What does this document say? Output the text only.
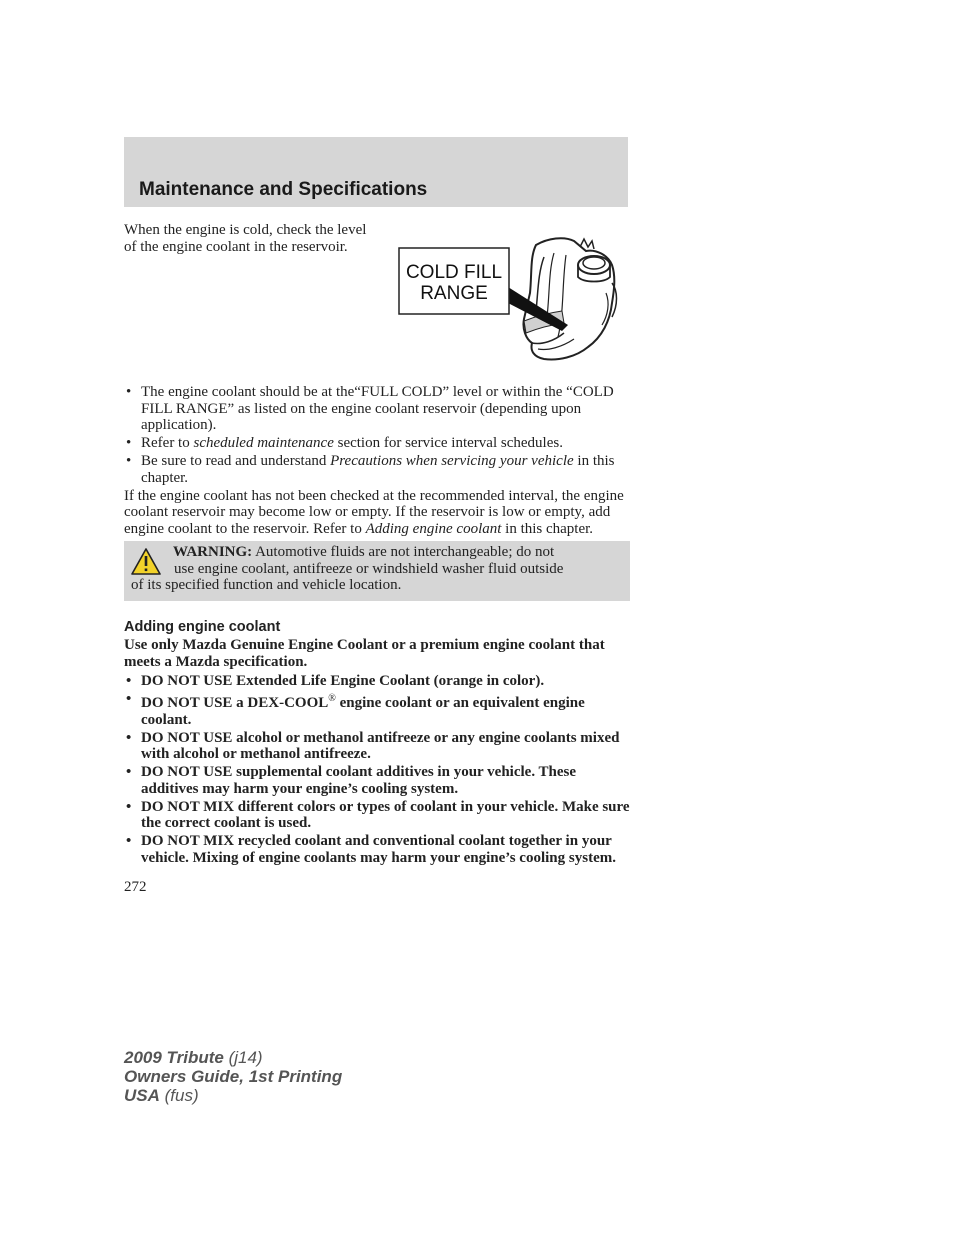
Maintenance and Specifications
When the engine is cold, check the level of the engine coolant in the reservoir.
COLD FILL
RANGE
• The engine coolant should be at the“FULL COLD” level or within the “COLD FILL RANGE” as listed on the engine coolant reservoir (depending upon application).
• Refer to scheduled maintenance section for service interval schedules.
• Be sure to read and understand Precautions when servicing your vehicle in this chapter.

If the engine coolant has not been checked at the recommended interval, the engine coolant reservoir may become low or empty. If the reservoir is low or empty, add engine coolant to the reservoir. Refer to Adding engine coolant in this chapter.

WARNING: Automotive fluids are not interchangeable; do not
use engine coolant, antifreeze or windshield washer fluid outside
of its specified function and vehicle location.
Adding engine coolant

Use only Mazda Genuine Engine Coolant or a premium engine coolant that meets a Mazda specification.

• DO NOT USE Extended Life Engine Coolant (orange in color).
• DO NOT USE a DEX-COOL® engine coolant or an equivalent engine coolant.
• DO NOT USE alcohol or methanol antifreeze or any engine coolants mixed with alcohol or methanol antifreeze.
• DO NOT USE supplemental coolant additives in your vehicle. These additives may harm your engine’s cooling system.
• DO NOT MIX different colors or types of coolant in your vehicle. Make sure the correct coolant is used.
• DO NOT MIX recycled coolant and conventional coolant together in your vehicle. Mixing of engine coolants may harm your engine’s cooling system.
272
2009 Tribute (j14)
Owners Guide, 1st Printing
USA (fus)
